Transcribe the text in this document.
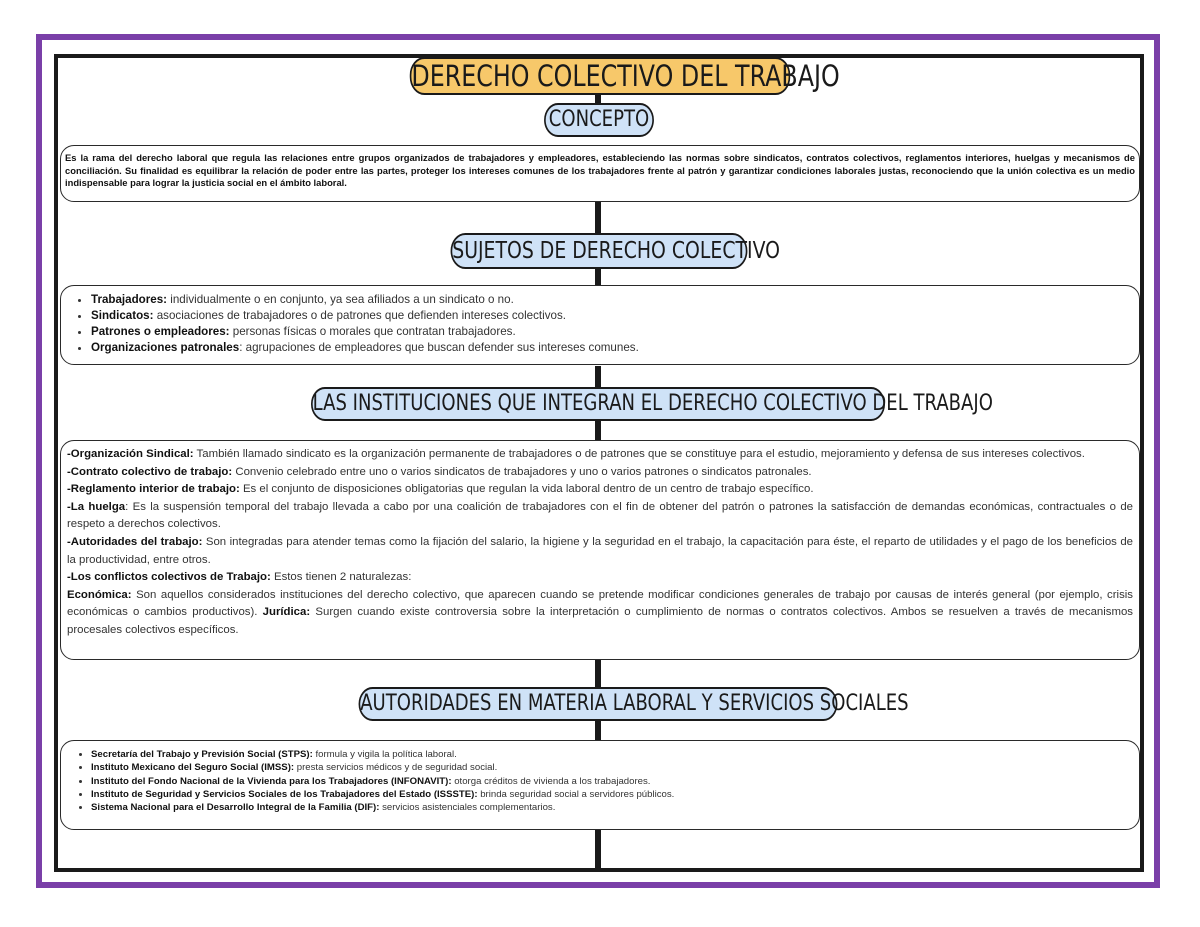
DERECHO COLECTIVO DEL TRABAJO
CONCEPTO
Es la rama del derecho laboral que regula las relaciones entre grupos organizados de trabajadores y empleadores, estableciendo las normas sobre sindicatos, contratos colectivos, reglamentos interiores, huelgas y mecanismos de conciliación. Su finalidad es equilibrar la relación de poder entre las partes, proteger los intereses comunes de los trabajadores frente al patrón y garantizar condiciones laborales justas, reconociendo que la unión colectiva es un medio indispensable para lograr la justicia social en el ámbito laboral.
SUJETOS DE DERECHO COLECTIVO
• Trabajadores: individualmente o en conjunto, ya sea afiliados a un sindicato o no.
• Sindicatos: asociaciones de trabajadores o de patrones que defienden intereses colectivos.
• Patrones o empleadores: personas físicas o morales que contratan trabajadores.
• Organizaciones patronales: agrupaciones de empleadores que buscan defender sus intereses comunes.
LAS INSTITUCIONES QUE INTEGRAN EL DERECHO COLECTIVO DEL TRABAJO

-Organización Sindical: También llamado sindicato es la organización permanente de trabajadores o de patrones que se constituye para el estudio, mejoramiento y defensa de sus intereses colectivos.

-Contrato colectivo de trabajo: Convenio celebrado entre uno o varios sindicatos de trabajadores y uno o varios patrones o sindicatos patronales.

-Reglamento interior de trabajo: Es el conjunto de disposiciones obligatorias que regulan la vida laboral dentro de un centro de trabajo específico.

-La huelga: Es la suspensión temporal del trabajo llevada a cabo por una coalición de trabajadores con el fin de obtener del patrón o patrones la satisfacción de demandas económicas, contractuales o de respeto a derechos colectivos.

-Autoridades del trabajo: Son integradas para atender temas como la fijación del salario, la higiene y la seguridad en el trabajo, la capacitación para éste, el reparto de utilidades y el pago de los beneficios de la productividad, entre otros.

-Los conflictos colectivos de Trabajo: Estos tienen 2 naturalezas:

Económica: Son aquellos considerados instituciones del derecho colectivo, que aparecen cuando se pretende modificar condiciones generales de trabajo por causas de interés general (por ejemplo, crisis económicas o cambios productivos). Jurídica: Surgen cuando existe controversia sobre la interpretación o cumplimiento de normas o contratos colectivos. Ambos se resuelven a través de mecanismos procesales colectivos específicos.

AUTORIDADES EN MATERIA LABORAL Y SERVICIOS SOCIALES
• Secretaría del Trabajo y Previsión Social (STPS): formula y vigila la política laboral.
• Instituto Mexicano del Seguro Social (IMSS): presta servicios médicos y de seguridad social.
• Instituto del Fondo Nacional de la Vivienda para los Trabajadores (INFONAVIT): otorga créditos de vivienda a los trabajadores.
• Instituto de Seguridad y Servicios Sociales de los Trabajadores del Estado (ISSSTE): brinda seguridad social a servidores públicos.
• Sistema Nacional para el Desarrollo Integral de la Familia (DIF): servicios asistenciales complementarios.
